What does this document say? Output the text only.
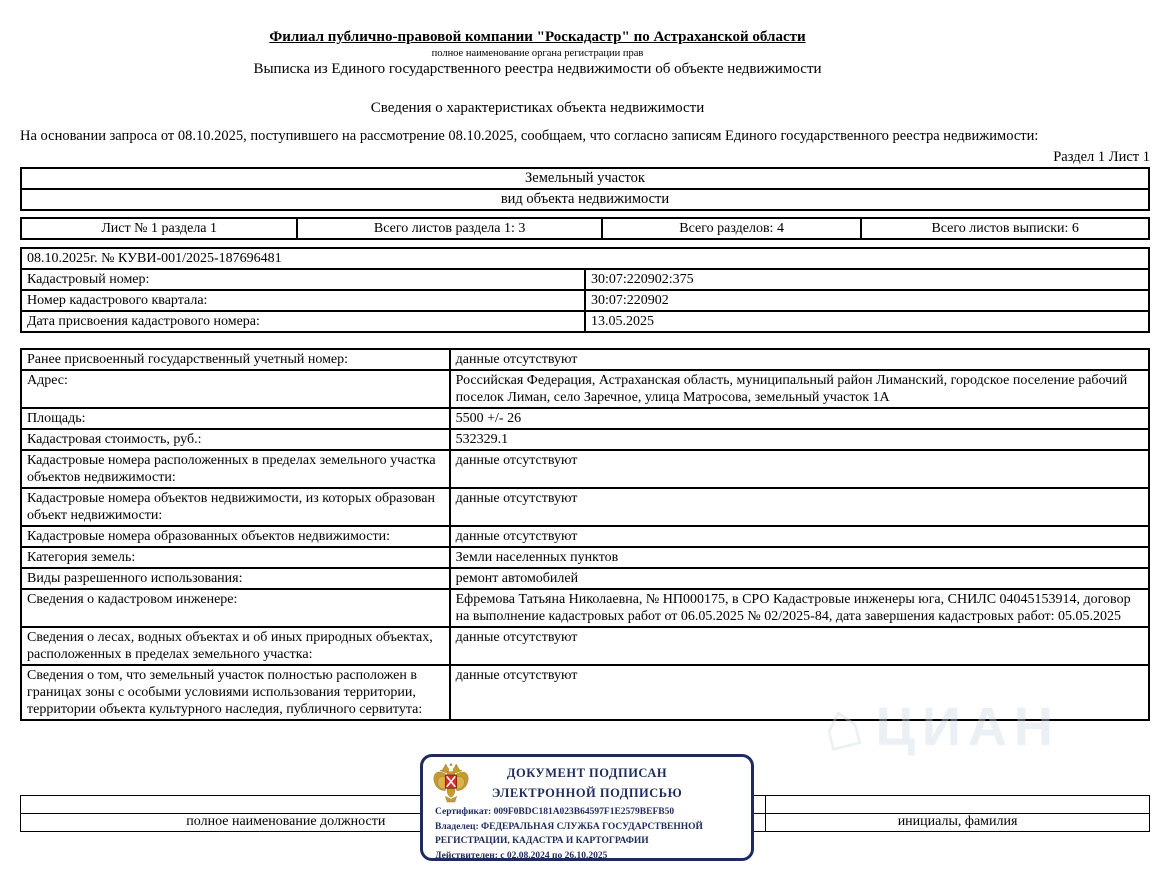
Филиал публично-правовой компании "Роскадастр" по Астраханской области
полное наименование органа регистрации прав
Выписка из Единого государственного реестра недвижимости об объекте недвижимости
Сведения о характеристиках объекта недвижимости
На основании запроса от 08.10.2025, поступившего на рассмотрение 08.10.2025, сообщаем, что согласно записям Единого государственного реестра недвижимости:
Раздел 1 Лист 1
Земельный участок
вид объекта недвижимости
Лист № 1 раздела 1	Всего листов раздела 1: 3	Всего разделов: 4	Всего листов выписки: 6
08.10.2025г. № КУВИ-001/2025-187696481	
Кадастровый номер:	30:07:220902:375
Номер кадастрового квартала:	30:07:220902
Дата присвоения кадастрового номера:	13.05.2025
Ранее присвоенный государственный учетный номер:	данные отсутствуют
Адрес:	Российская Федерация, Астраханская область, муниципальный район Лиманский, городское поселение рабочий поселок Лиман, село Заречное, улица Матросова, земельный участок 1А
Площадь:	5500 +/- 26
Кадастровая стоимость, руб.:	532329.1
Кадастровые номера расположенных в пределах земельного участка объектов недвижимости:	данные отсутствуют
Кадастровые номера объектов недвижимости, из которых образован объект недвижимости:	данные отсутствуют
Кадастровые номера образованных объектов недвижимости:	данные отсутствуют
Категория земель:	Земли населенных пунктов
Виды разрешенного использования:	ремонт автомобилей
Сведения о кадастровом инженере:	Ефремова Татьяна Николаевна, № НП000175, в СРО Кадастровые инженеры юга, СНИЛС 04045153914, договор на выполнение кадастровых работ от 06.05.2025 № 02/2025-84, дата завершения кадастровых работ: 05.05.2025
Сведения о лесах, водных объектах и об иных природных объектах, расположенных в пределах земельного участка:	данные отсутствуют
Сведения о том, что земельный участок полностью расположен в границах зоны с особыми условиями использования территории, территории объекта культурного наследия, публичного сервитута:	данные отсутствуют
⌂ ЦИАН

полное наименование должности		инициалы, фамилия
ДОКУМЕНТ ПОДПИСАН
ЭЛЕКТРОННОЙ ПОДПИСЬЮ
Сертификат: 009F0BDC181A023B64597F1E2579BEFB50
Владелец: ФЕДЕРАЛЬНАЯ СЛУЖБА ГОСУДАРСТВЕННОЙ РЕГИСТРАЦИИ, КАДАСТРА И КАРТОГРАФИИ
Действителен: с 02.08.2024 по 26.10.2025
